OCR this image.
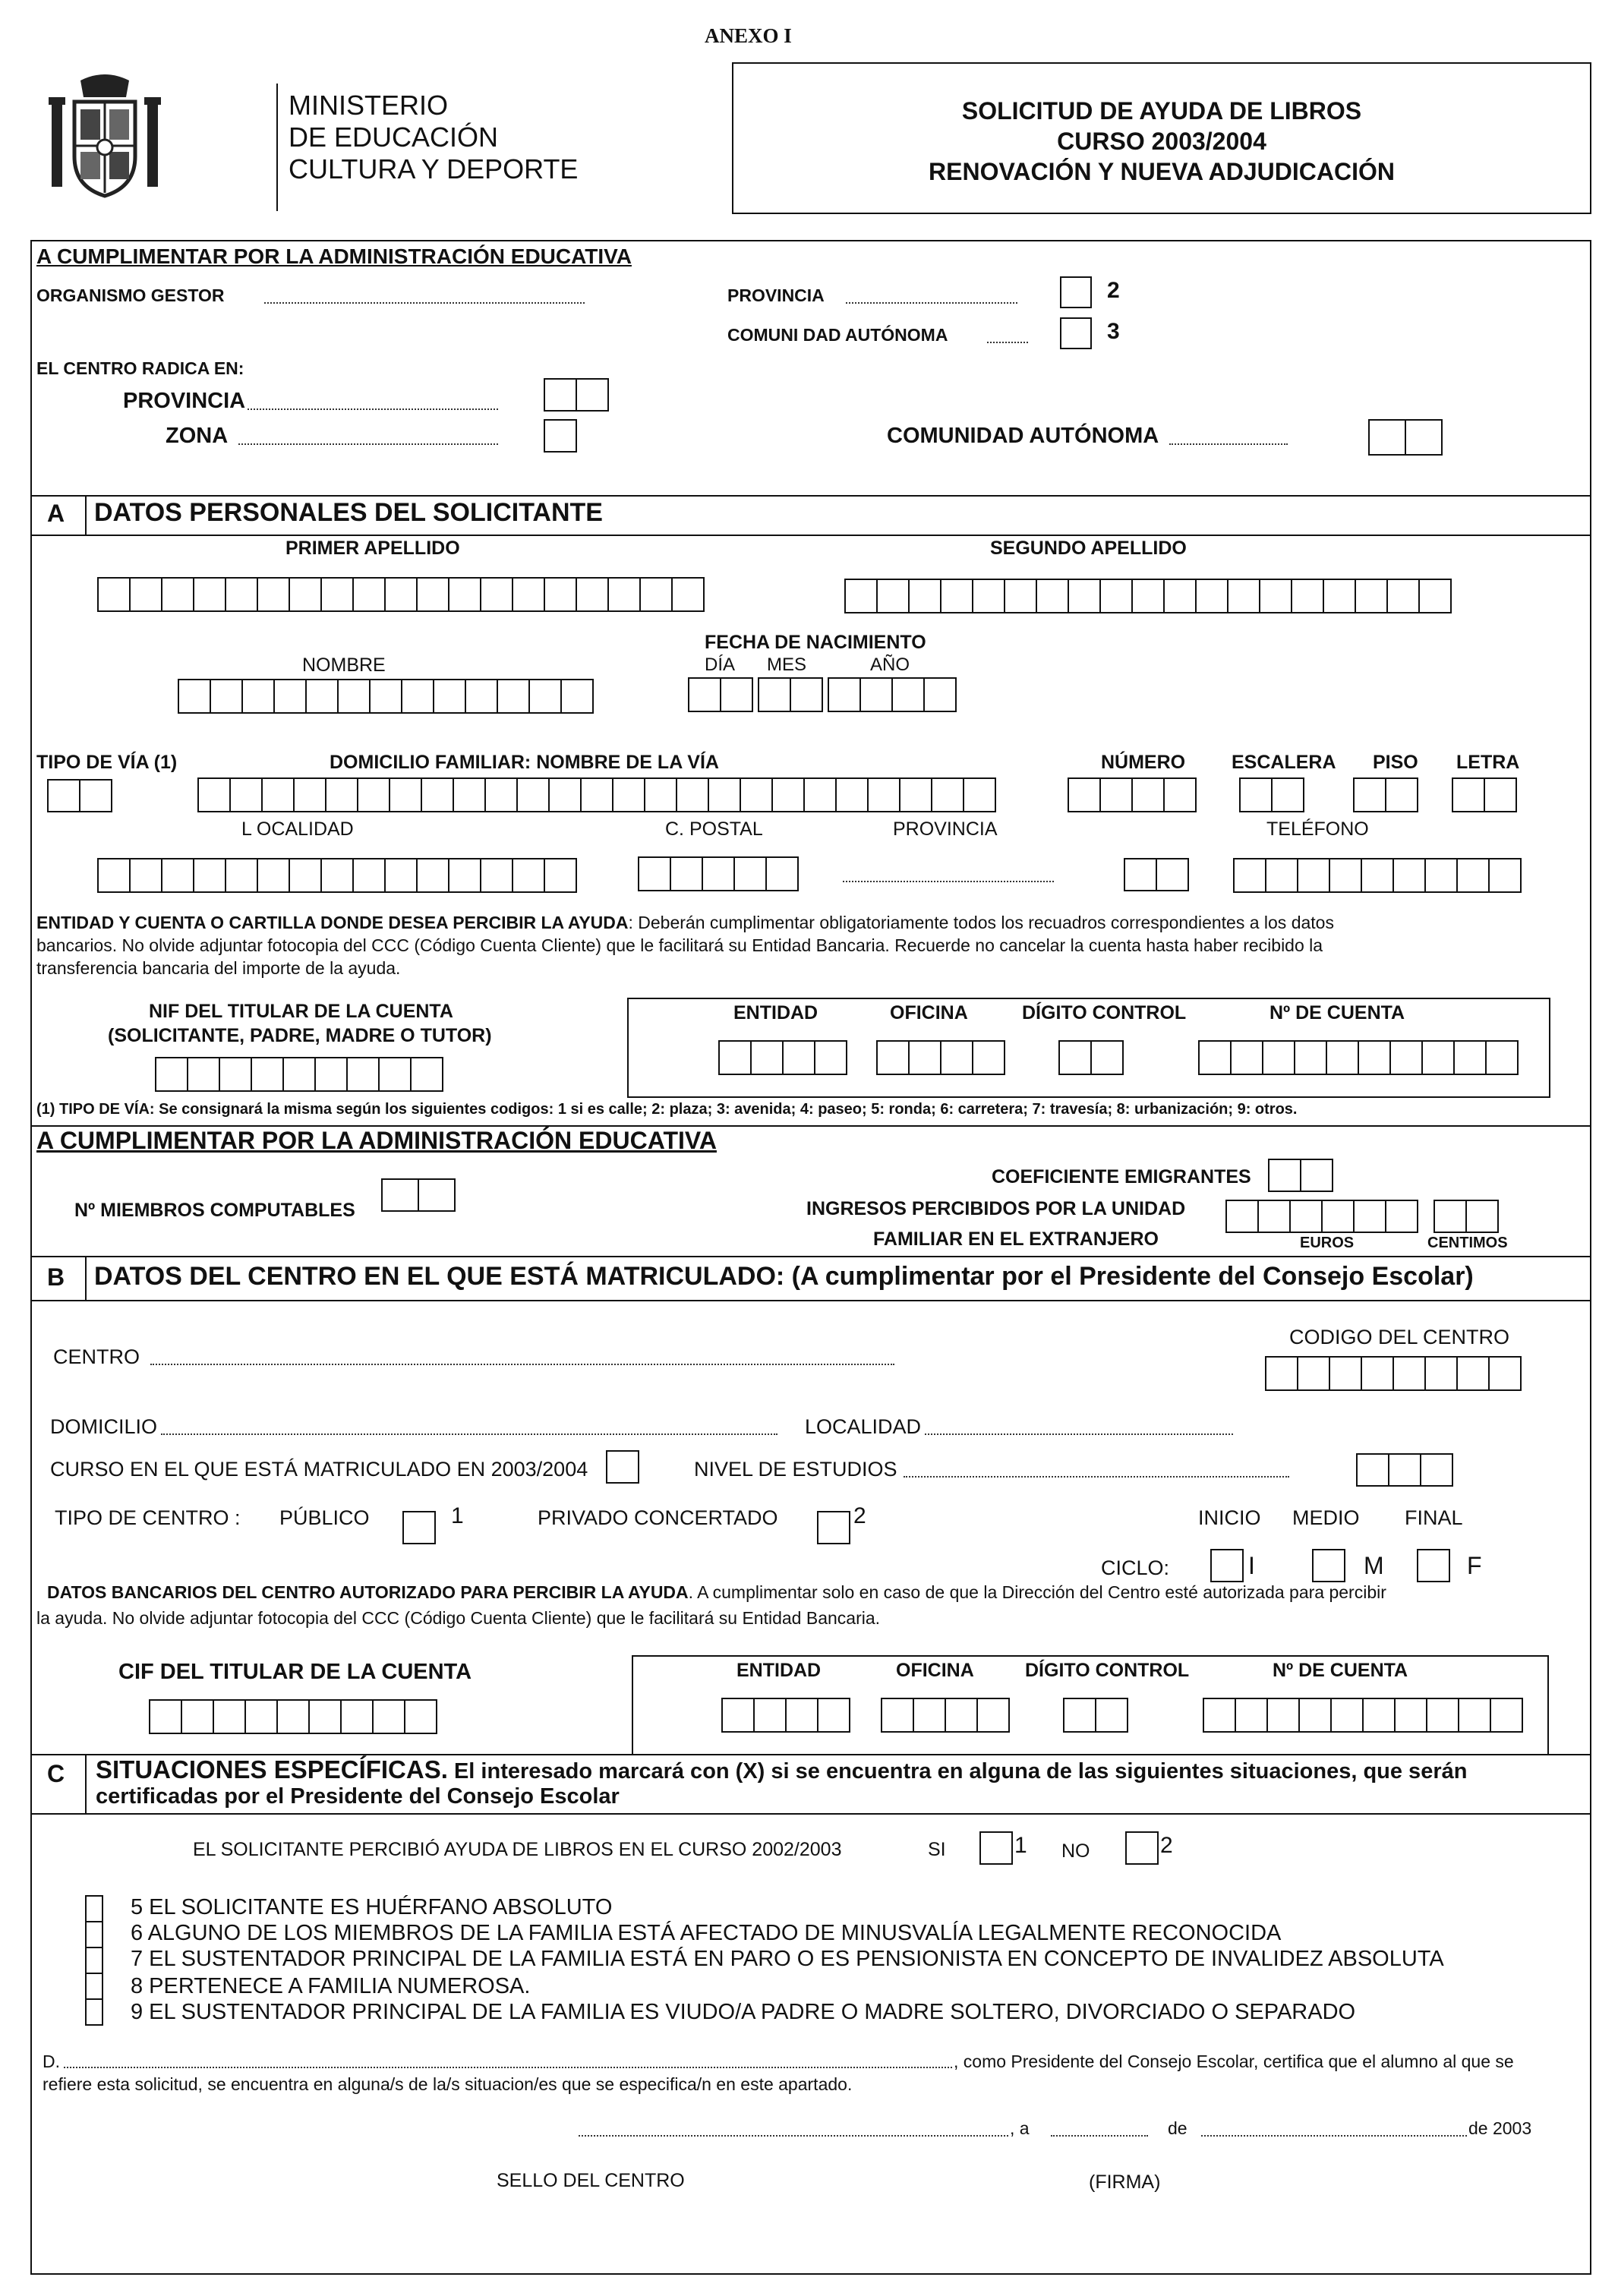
ANEXO I
MINISTERIO
DE EDUCACIÓN
CULTURA Y DEPORTE
SOLICITUD DE AYUDA DE LIBROS
CURSO 2003/2004
RENOVACIÓN Y NUEVA ADJUDICACIÓN
A CUMPLIMENTAR POR LA ADMINISTRACIÓN EDUCATIVA
ORGANISMO GESTOR	PROVINCIA	2
COMUNI DAD AUTÓNOMA	3
EL CENTRO RADICA EN:
PROVINCIA
ZONA	COMUNIDAD AUTÓNOMA
A DATOS PERSONALES DEL SOLICITANTE
PRIMER APELLIDO	SEGUNDO APELLIDO
FECHA DE NACIMIENTO
NOMBRE	DÍA MES	AÑO
TIPO DE VÍA (1)	DOMICILIO FAMILIAR: NOMBRE DE LA VÍA	NÚMERO ESCALERA PISO LETRA
L OCALIDAD	C. POSTAL	PROVINCIA	TELÉFONO
ENTIDAD Y CUENTA O CARTILLA DONDE DESEA PERCIBIR LA AYUDA: Deberán cumplimentar obligatoriamente todos los recuadros correspondientes a los datos
bancarios. No olvide adjuntar fotocopia del CCC (Código Cuenta Cliente) que le facilitará su Entidad Bancaria. Recuerde no cancelar la cuenta hasta haber recibido la
transferencia bancaria del importe de la ayuda.
NIF DEL TITULAR DE LA CUENTA
(SOLICITANTE, PADRE, MADRE O TUTOR)
ENTIDAD	OFICINA	DÍGITO CONTROL	Nº DE CUENTA
(1) TIPO DE VÍA: Se consignará la misma según los siguientes codigos: 1 si es calle; 2: plaza; 3: avenida; 4: paseo; 5: ronda; 6: carretera; 7: travesía; 8: urbanización; 9: otros.
A CUMPLIMENTAR POR LA ADMINISTRACIÓN EDUCATIVA
COEFICIENTE EMIGRANTES
Nº MIEMBROS COMPUTABLES	INGRESOS PERCIBIDOS POR LA UNIDAD
FAMILIAR EN EL EXTRANJERO	EUROS	CENTIMOS
B DATOS DEL CENTRO EN EL QUE ESTÁ MATRICULADO: (A cumplimentar por el Presidente del Consejo Escolar)
CODIGO DEL CENTRO
CENTRO
DOMICILIO	LOCALIDAD
CURSO EN EL QUE ESTÁ MATRICULADO EN 2003/2004	NIVEL DE ESTUDIOS
TIPO DE CENTRO : PÚBLICO	1	PRIVADO CONCERTADO	2	INICIO MEDIO FINAL
CICLO:	I	M	F
DATOS BANCARIOS DEL CENTRO AUTORIZADO PARA PERCIBIR LA AYUDA. A cumplimentar solo en caso de que la Dirección del Centro esté autorizada para percibir
la ayuda. No olvide adjuntar fotocopia del CCC (Código Cuenta Cliente) que le facilitará su Entidad Bancaria.
CIF DEL TITULAR DE LA CUENTA	ENTIDAD	OFICINA	DÍGITO CONTROL	Nº DE CUENTA
C SITUACIONES ESPECÍFICAS. El interesado marcará con (X) si se encuentra en alguna de las siguientes situaciones, que serán
certificadas por el Presidente del Consejo Escolar
EL SOLICITANTE PERCIBIÓ AYUDA DE LIBROS EN EL CURSO 2002/2003	SI	1 NO	2
5 EL SOLICITANTE ES HUÉRFANO ABSOLUTO
6 ALGUNO DE LOS MIEMBROS DE LA FAMILIA ESTÁ AFECTADO DE MINUSVALÍA LEGALMENTE RECONOCIDA
7 EL SUSTENTADOR PRINCIPAL DE LA FAMILIA ESTÁ EN PARO O ES PENSIONISTA EN CONCEPTO DE INVALIDEZ ABSOLUTA
8 PERTENECE A FAMILIA NUMEROSA.
9 EL SUSTENTADOR PRINCIPAL DE LA FAMILIA ES VIUDO/A PADRE O MADRE SOLTERO, DIVORCIADO O SEPARADO
D.	, como Presidente del Consejo Escolar, certifica que el alumno al que se
refiere esta solicitud, se encuentra en alguna/s de la/s situacion/es que se especifica/n en este apartado.
, a	de	de 2003
SELLO DEL CENTRO	(FIRMA)
